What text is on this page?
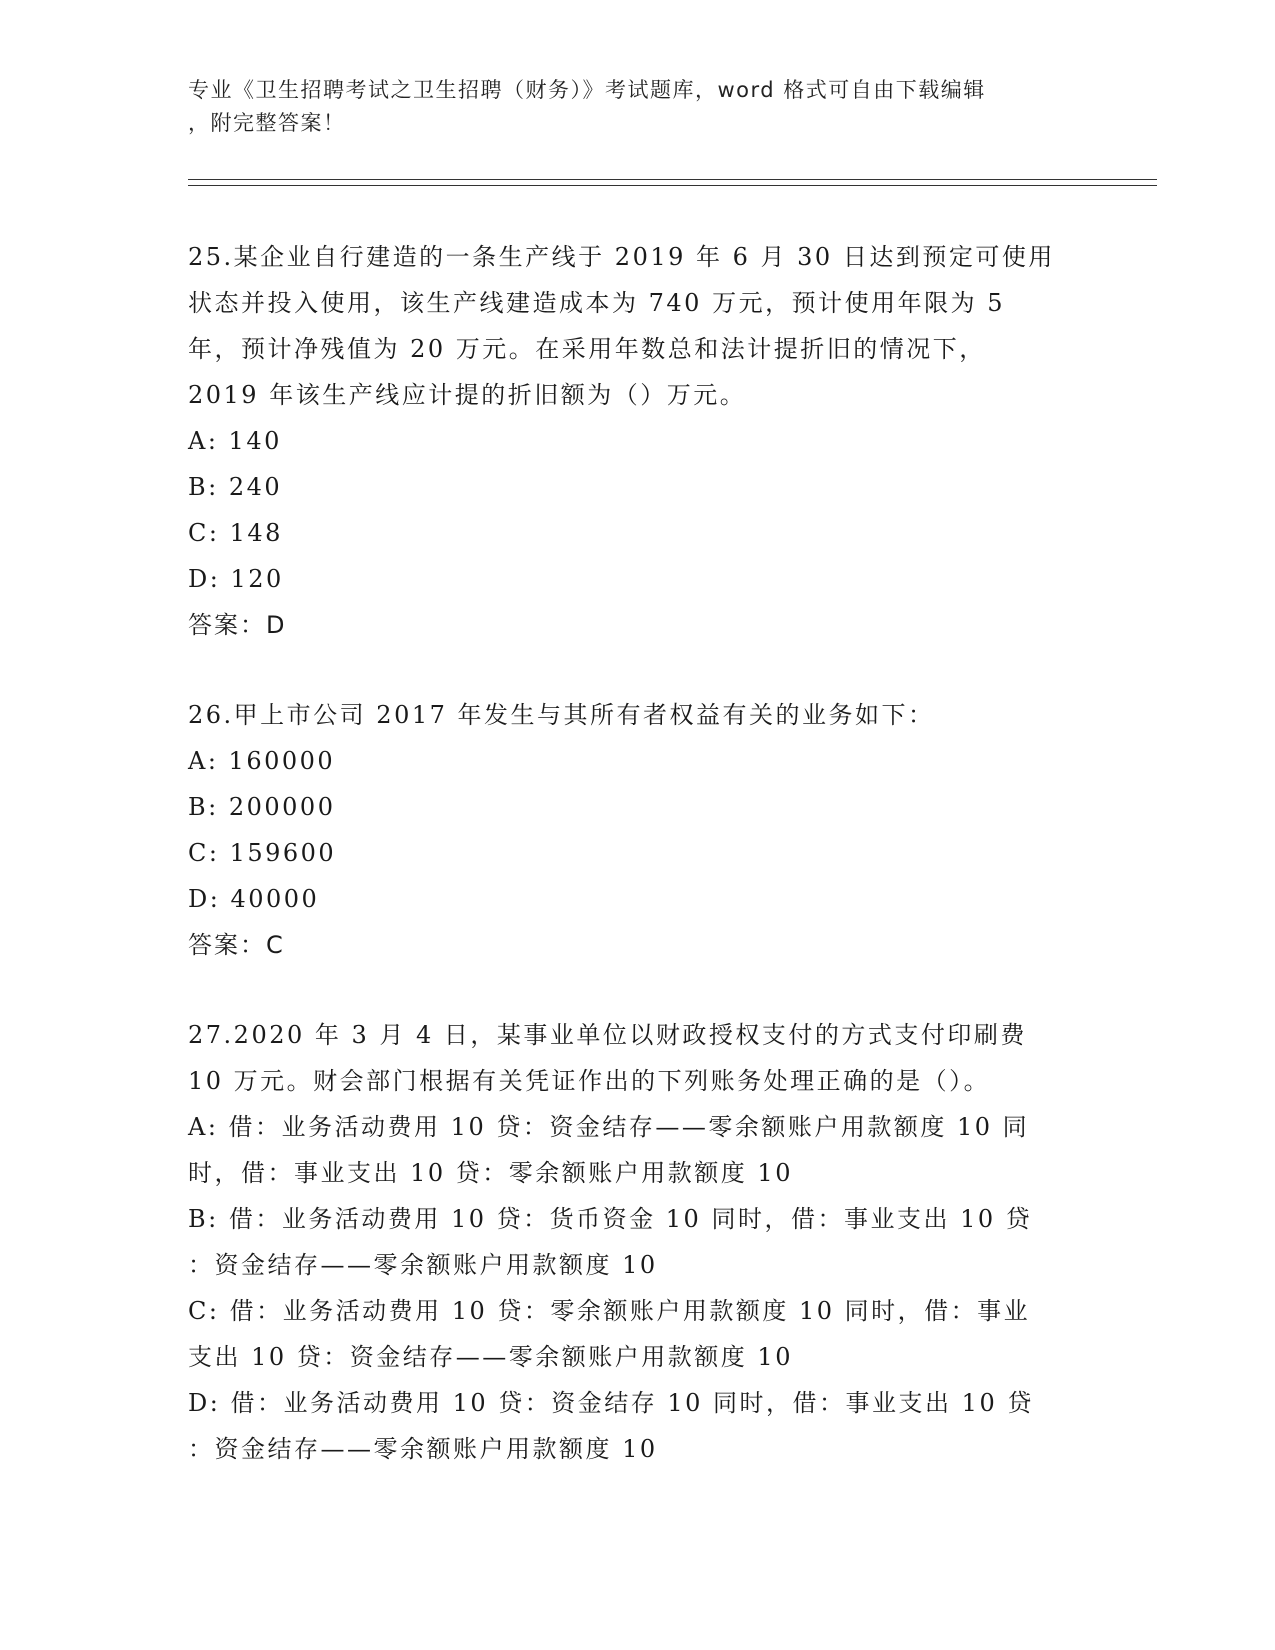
专业《卫生招聘考试之卫生招聘（财务）》考试题库，word 格式可自由下载编辑
，附完整答案！
25.某企业自行建造的一条生产线于 2019 年 6 月 30 日达到预定可使用
状态并投入使用，该生产线建造成本为 740 万元，预计使用年限为 5
年，预计净残值为 20 万元。在采用年数总和法计提折旧的情况下，
2019 年该生产线应计提的折旧额为（）万元。
A: 140
B: 240
C: 148
D: 120
答案：D
26.甲上市公司 2017 年发生与其所有者权益有关的业务如下：
A: 160000
B: 200000
C: 159600
D: 40000
答案：C
27.2020 年 3 月 4 日，某事业单位以财政授权支付的方式支付印刷费
10 万元。财会部门根据有关凭证作出的下列账务处理正确的是（）。
A: 借：业务活动费用 10 贷：资金结存——零余额账户用款额度 10 同
时，借：事业支出 10 贷：零余额账户用款额度 10
B: 借：业务活动费用 10 贷：货币资金 10 同时，借：事业支出 10 贷
：资金结存——零余额账户用款额度 10
C: 借：业务活动费用 10 贷：零余额账户用款额度 10 同时，借：事业
支出 10 贷：资金结存——零余额账户用款额度 10
D: 借：业务活动费用 10 贷：资金结存 10 同时，借：事业支出 10 贷
：资金结存——零余额账户用款额度 10
